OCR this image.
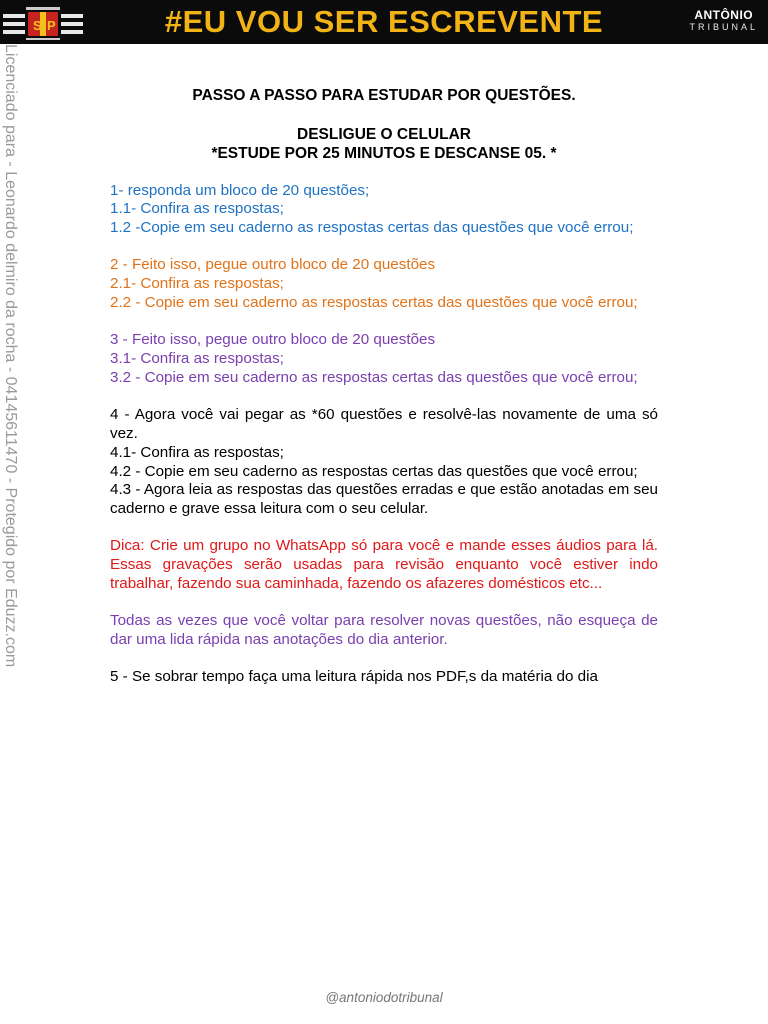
S P	#EU VOU SER ESCREVENTE	ANTÔNIO
TRIBUNAL
Licenciado para - Leonardo delmiro da rocha - 04145611470 - Protegido por Eduzz.com	PASSO A PASSO PARA ESTUDAR POR QUESTÕES.

DESLIGUE O CELULAR

*ESTUDE POR 25 MINUTOS E DESCANSE 05. *

1- responda um bloco de 20 questões;

1.1- Confira as respostas;

1.2 -Copie em seu caderno as respostas certas das questões que você errou;

2 - Feito isso, pegue outro bloco de 20 questões

2.1- Confira as respostas;

2.2 - Copie em seu caderno as respostas certas das questões que você errou;

3 - Feito isso, pegue outro bloco de 20 questões

3.1- Confira as respostas;

3.2 - Copie em seu caderno as respostas certas das questões que você errou;

4 - Agora você vai pegar as *60 questões e resolvê-las novamente de uma só vez.

4.1- Confira as respostas;

4.2 - Copie em seu caderno as respostas certas das questões que você errou;

4.3 - Agora leia as respostas das questões erradas e que estão anotadas em seu caderno e grave essa leitura com o seu celular.

Dica: Crie um grupo no WhatsApp só para você e mande esses áudios para lá. Essas gravações serão usadas para revisão enquanto você estiver indo trabalhar, fazendo sua caminhada, fazendo os afazeres domésticos etc...

Todas as vezes que você voltar para resolver novas questões, não esqueça de dar uma lida rápida nas anotações do dia anterior.

5 - Se sobrar tempo faça uma leitura rápida nos PDF,s da matéria do dia

@antoniodotribunal
